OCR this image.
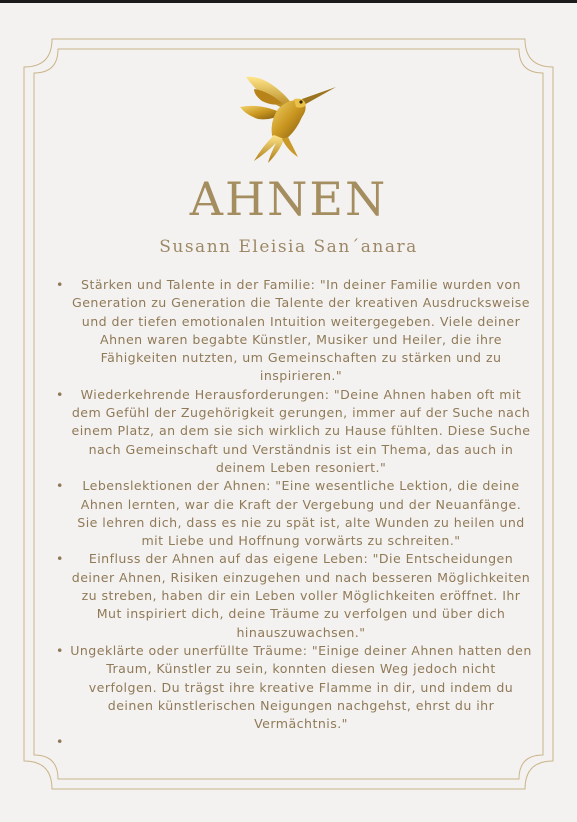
AHNEN

Susann Eleisia San´anara

• Stärken und Talente in der Familie: "In deiner Familie wurden von Generation zu Generation die Talente der kreativen Ausdrucksweise und der tiefen emotionalen Intuition weitergegeben. Viele deiner Ahnen waren begabte Künstler, Musiker und Heiler, die ihre Fähigkeiten nutzten, um Gemeinschaften zu stärken und zu inspirieren."
• Wiederkehrende Herausforderungen: "Deine Ahnen haben oft mit dem Gefühl der Zugehörigkeit gerungen, immer auf der Suche nach einem Platz, an dem sie sich wirklich zu Hause fühlten. Diese Suche nach Gemeinschaft und Verständnis ist ein Thema, das auch in deinem Leben resoniert."
• Lebenslektionen der Ahnen: "Eine wesentliche Lektion, die deine Ahnen lernten, war die Kraft der Vergebung und der Neuanfänge. Sie lehren dich, dass es nie zu spät ist, alte Wunden zu heilen und mit Liebe und Hoffnung vorwärts zu schreiten."
• Einfluss der Ahnen auf das eigene Leben: "Die Entscheidungen deiner Ahnen, Risiken einzugehen und nach besseren Möglichkeiten zu streben, haben dir ein Leben voller Möglichkeiten eröffnet. Ihr Mut inspiriert dich, deine Träume zu verfolgen und über dich hinauszuwachsen."
• Ungeklärte oder unerfüllte Träume: "Einige deiner Ahnen hatten den Traum, Künstler zu sein, konnten diesen Weg jedoch nicht verfolgen. Du trägst ihre kreative Flamme in dir, und indem du deinen künstlerischen Neigungen nachgehst, ehrst du ihr Vermächtnis."
•
